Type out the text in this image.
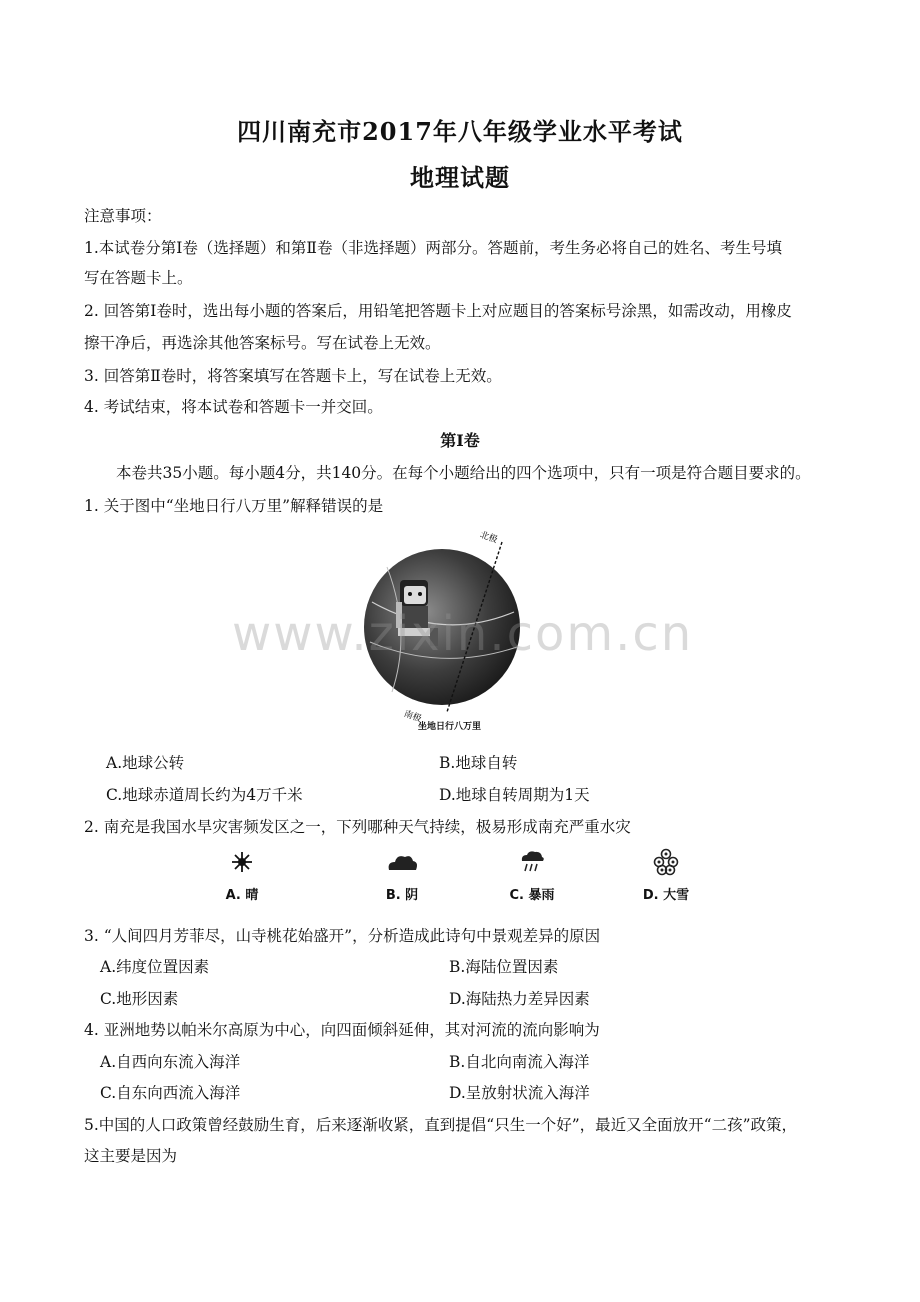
四川南充市2017年八年级学业水平考试
地理试题
注意事项：
1.本试卷分第Ⅰ卷（选择题）和第Ⅱ卷（非选择题）两部分。答题前，考生务必将自己的姓名、考生号填
写在答题卡上。
2. 回答第Ⅰ卷时，选出每小题的答案后，用铅笔把答题卡上对应题目的答案标号涂黑，如需改动，用橡皮
擦干净后，再选涂其他答案标号。写在试卷上无效。
3. 回答第Ⅱ卷时，将答案填写在答题卡上，写在试卷上无效。
4. 考试结束，将本试卷和答题卡一并交回。
第Ⅰ卷
本卷共35小题。每小题4分，共140分。在每个小题给出的四个选项中，只有一项是符合题目要求的。
1. 关于图中“坐地日行八万里”解释错误的是
北极
南极
坐地日行八万里
www.zixin.com.cn
A.地球公转	B.地球自转
C.地球赤道周长约为4万千米	D.地球自转周期为1天
2. 南充是我国水旱灾害频发区之一，下列哪种天气持续，极易形成南充严重水灾
A. 晴	B. 阴	C. 暴雨	D. 大雪
3. “人间四月芳菲尽，山寺桃花始盛开”，分析造成此诗句中景观差异的原因
A.纬度位置因素	B.海陆位置因素
C.地形因素	D.海陆热力差异因素
4. 亚洲地势以帕米尔高原为中心，向四面倾斜延伸，其对河流的流向影响为
A.自西向东流入海洋	B.自北向南流入海洋
C.自东向西流入海洋	D.呈放射状流入海洋
5.中国的人口政策曾经鼓励生育，后来逐渐收紧，直到提倡“只生一个好”，最近又全面放开“二孩”政策，
这主要是因为
